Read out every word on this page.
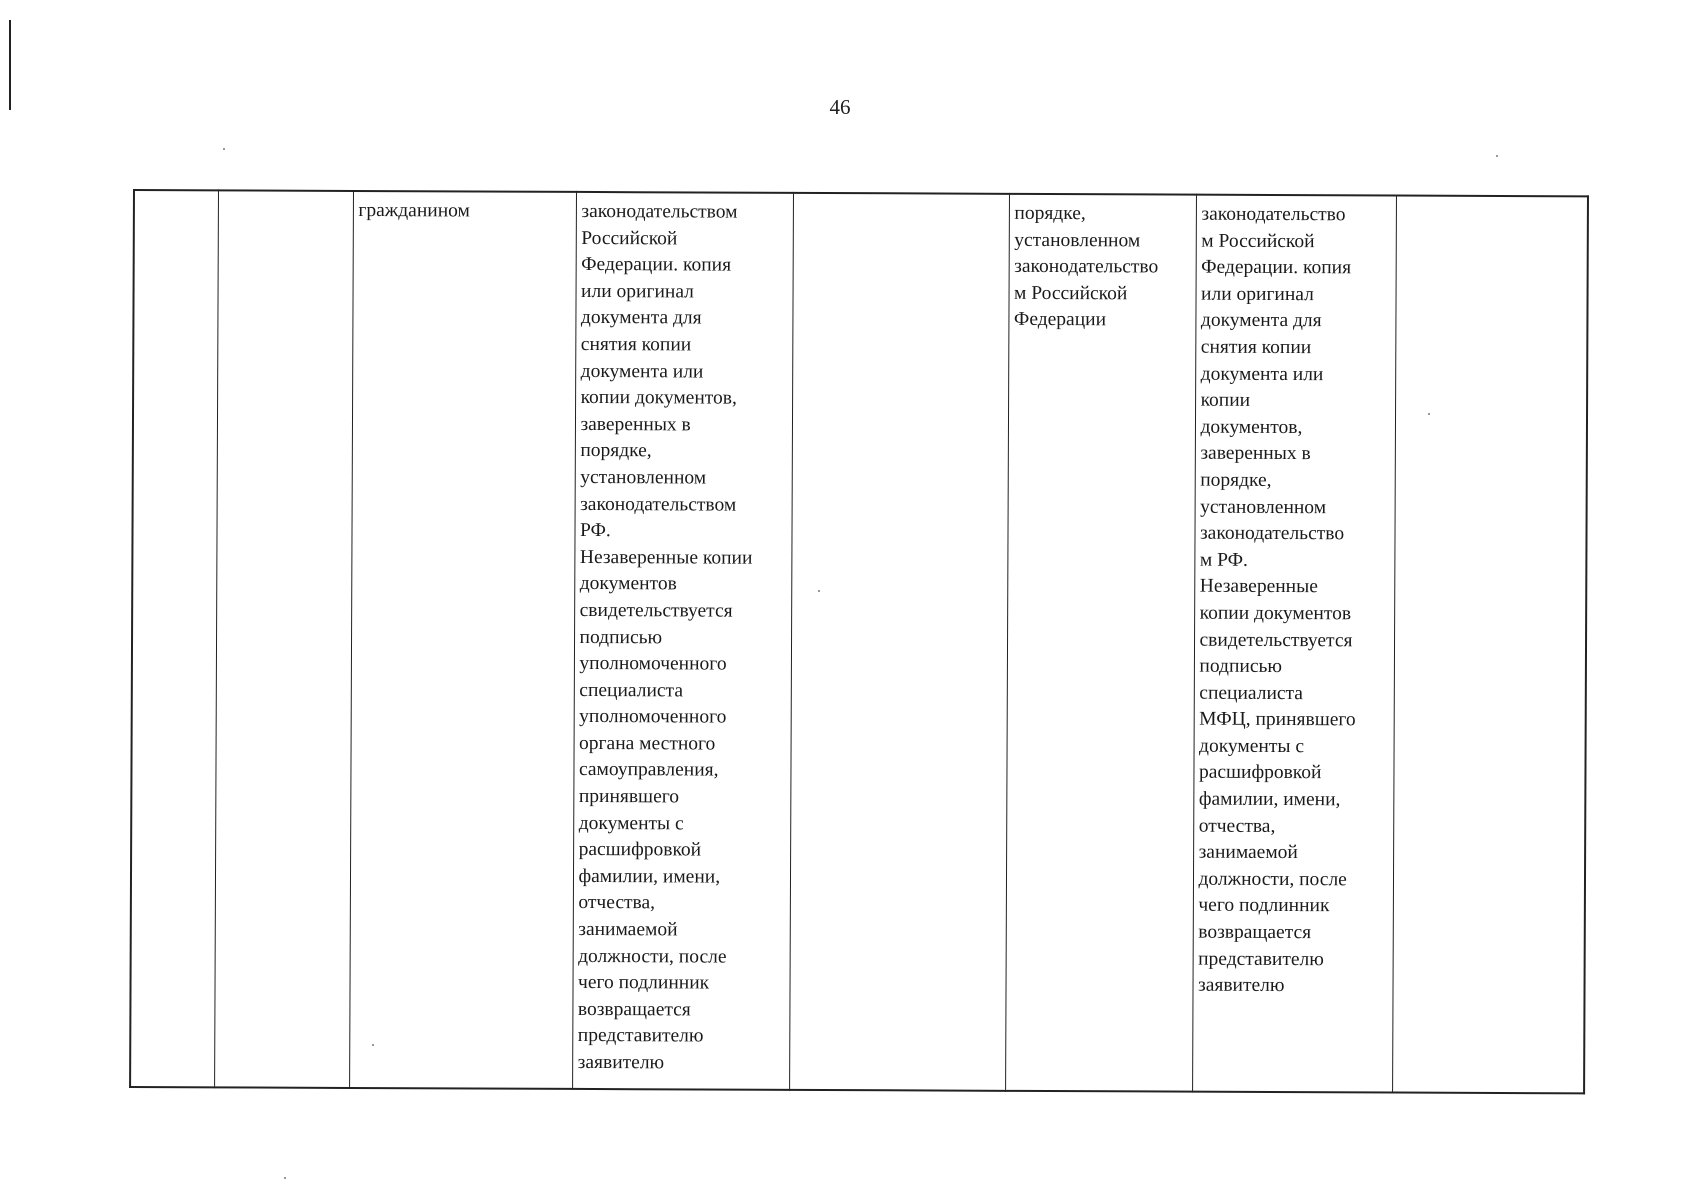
46
		гражданином	законодательством
Российской
Федерации. копия
или оригинал
документа для
снятия копии
документа или
копии документов,
заверенных в
порядке,
установленном
законодательством
РФ.
Незаверенные копии
документов
свидетельствуется
подписью
уполномоченного
специалиста
уполномоченного
органа местного
самоуправления,
принявшего
документы с
расшифровкой
фамилии, имени,
отчества,
занимаемой
должности, после
чего подлинник
возвращается
представителю
заявителю		порядке,
установленном
законодательство
м Российской
Федерации	законодательство
м Российской
Федерации. копия
или оригинал
документа для
снятия копии
документа или
копии
документов,
заверенных в
порядке,
установленном
законодательство
м РФ.
Незаверенные
копии документов
свидетельствуется
подписью
специалиста
МФЦ, принявшего
документы с
расшифровкой
фамилии, имени,
отчества,
занимаемой
должности, после
чего подлинник
возвращается
представителю
заявителю	
